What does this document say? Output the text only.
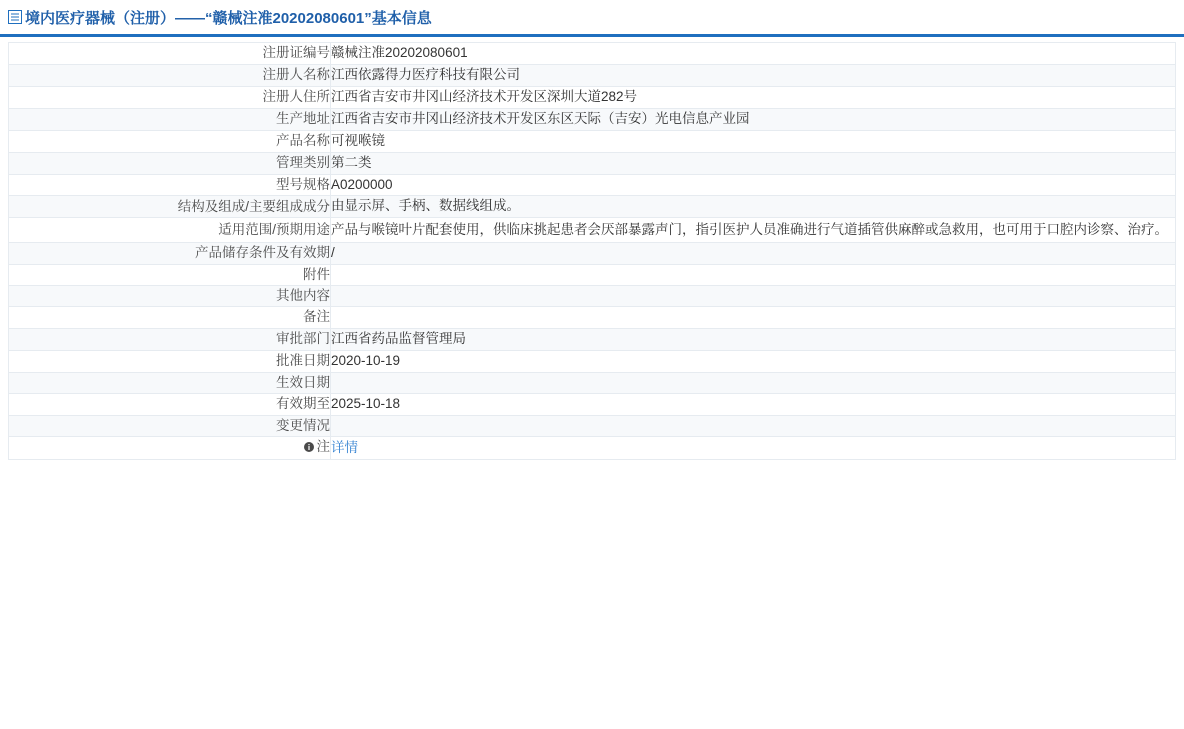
境内医疗器械（注册）——“赣械注准20202080601”基本信息
注册证编号	赣械注准20202080601
注册人名称	江西依露得力医疗科技有限公司
注册人住所	江西省吉安市井冈山经济技术开发区深圳大道282号
生产地址	江西省吉安市井冈山经济技术开发区东区天际（吉安）光电信息产业园
产品名称	可视喉镜
管理类别	第二类
型号规格	A0200000
结构及组成/主要组成成分	由显示屏、手柄、数据线组成。
适用范围/预期用途	产品与喉镜叶片配套使用，供临床挑起患者会厌部暴露声门，指引医护人员准确进行气道插管供麻醉或急救用，也可用于口腔内诊察、治疗。
产品储存条件及有效期	/
附件	
其他内容	
备注	
审批部门	江西省药品监督管理局
批准日期	2020-10-19
生效日期	
有效期至	2025-10-18
变更情况	

注	详情
